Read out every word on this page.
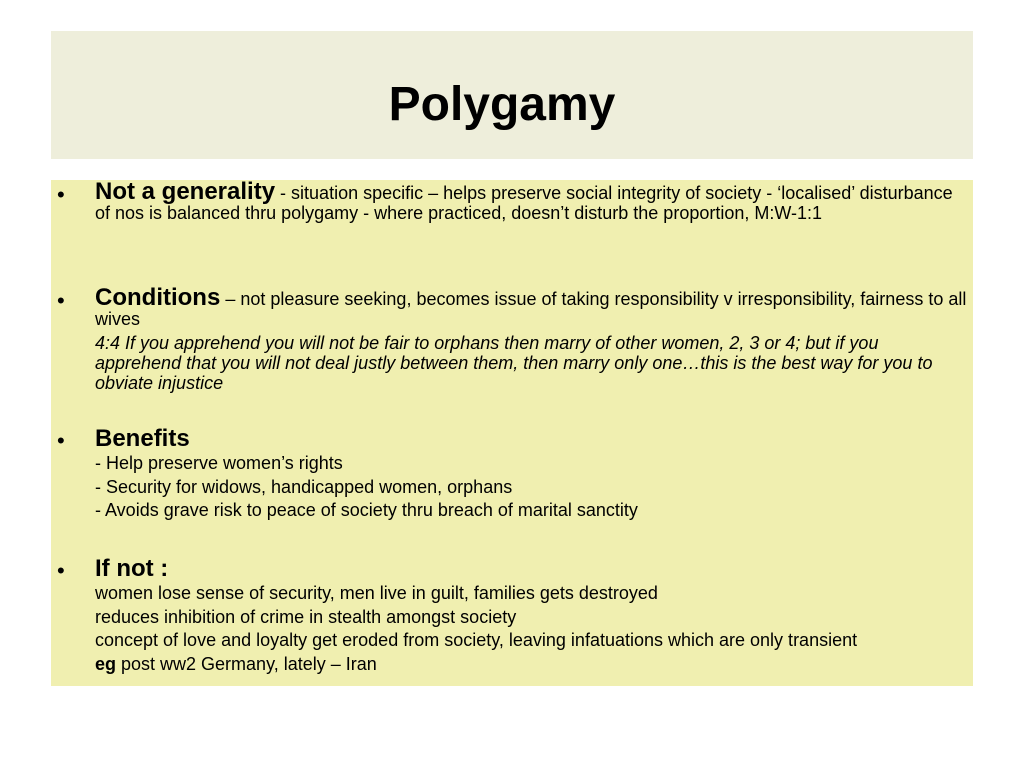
Polygamy
• Not a generality - situation specific – helps preserve social integrity of society - ‘localised’ disturbance of nos is balanced thru polygamy - where practiced, doesn’t disturb the proportion, M:W-1:1

• Conditions – not pleasure seeking, becomes issue of taking responsibility v irresponsibility, fairness to all wives

4:4 If you apprehend you will not be fair to orphans then marry of other women, 2, 3 or 4; but if you apprehend that you will not deal justly between them, then marry only one…this is the best way for you to obviate injustice

• Benefits

- Help preserve women’s rights

- Security for widows, handicapped women, orphans

- Avoids grave risk to peace of society thru breach of marital sanctity

• If not :

women lose sense of security, men live in guilt, families gets destroyed

reduces inhibition of crime in stealth amongst society

concept of love and loyalty get eroded from society, leaving infatuations which are only transient

eg post ww2 Germany, lately – Iran
